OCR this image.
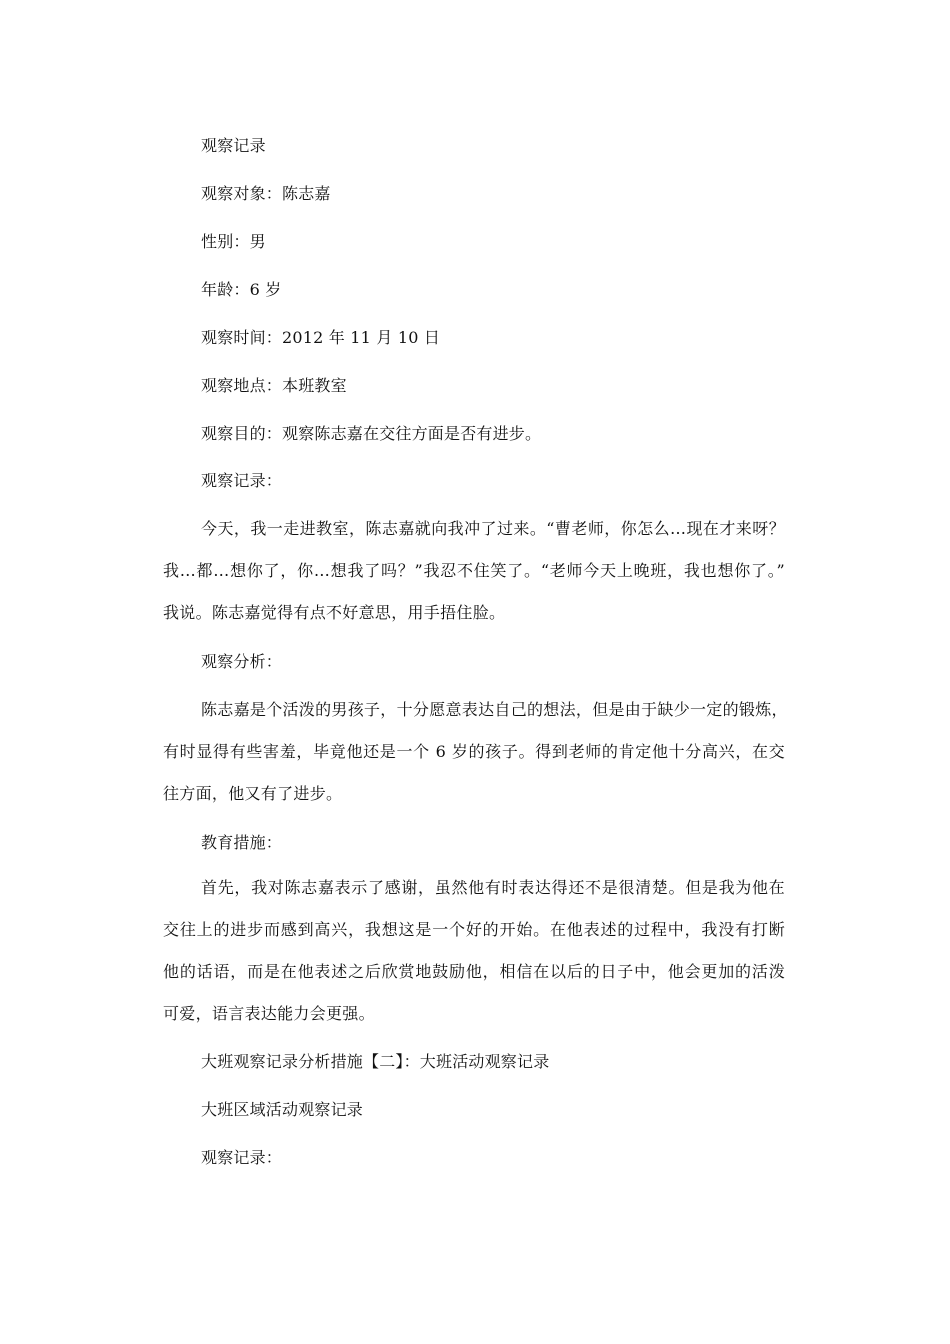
观察记录

观察对象：陈志嘉

性别：男

年龄：6 岁

观察时间：2012 年 11 月 10 日

观察地点：本班教室

观察目的：观察陈志嘉在交往方面是否有进步。

观察记录：

今天，我一走进教室，陈志嘉就向我冲了过来。“曹老师，你怎么…现在才来呀？
我…都…想你了，你…想我了吗？”我忍不住笑了。“老师今天上晚班，我也想你了。”
我说。陈志嘉觉得有点不好意思，用手捂住脸。

观察分析：

陈志嘉是个活泼的男孩子，十分愿意表达自己的想法，但是由于缺少一定的锻炼，
有时显得有些害羞，毕竟他还是一个 6 岁的孩子。得到老师的肯定他十分高兴，在交
往方面，他又有了进步。

教育措施：

首先，我对陈志嘉表示了感谢，虽然他有时表达得还不是很清楚。但是我为他在
交往上的进步而感到高兴，我想这是一个好的开始。在他表述的过程中，我没有打断
他的话语，而是在他表述之后欣赏地鼓励他，相信在以后的日子中，他会更加的活泼
可爱，语言表达能力会更强。

大班观察记录分析措施【二】：大班活动观察记录

大班区域活动观察记录

观察记录：
